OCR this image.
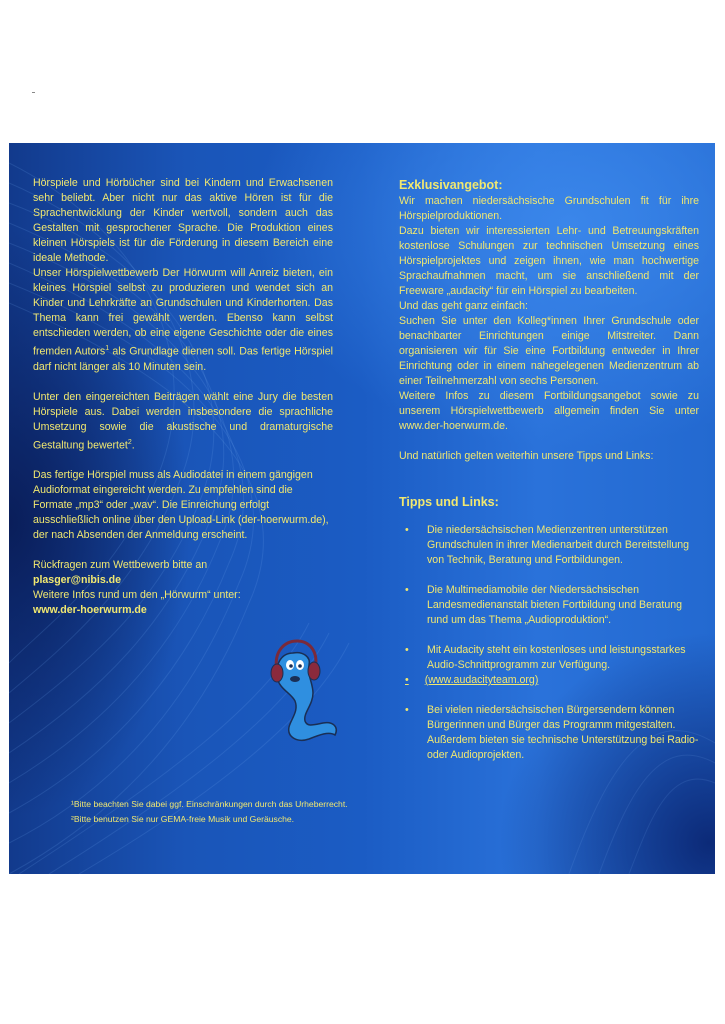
Hörspiele und Hörbücher sind bei Kindern und Erwachsenen sehr beliebt. Aber nicht nur das aktive Hören ist für die Sprachentwicklung der Kinder wertvoll, sondern auch das Gestalten mit gesprochener Sprache. Die Produktion eines kleinen Hörspiels ist für die Förderung in diesem Bereich eine ideale Methode.

Unser Hörspielwettbewerb Der Hörwurm will Anreiz bieten, ein kleines Hörspiel selbst zu produzieren und wendet sich an Kinder und Lehrkräfte an Grundschulen und Kinderhorten. Das Thema kann frei gewählt werden. Ebenso kann selbst entschieden werden, ob eine eigene Geschichte oder die eines fremden Autors$^1$ als Grundlage dienen soll. Das fertige Hörspiel darf nicht länger als 10 Minuten sein.

Unter den eingereichten Beiträgen wählt eine Jury die besten Hörspiele aus. Dabei werden insbesondere die sprachliche Umsetzung sowie die akustische und dramaturgische Gestaltung bewertet$^2$.

Das fertige Hörspiel muss als Audiodatei in einem gängigen Audioformat eingereicht werden. Zu empfehlen sind die Formate „mp3“ oder „wav“. Die Einreichung erfolgt ausschließlich online über den Upload-Link (der-hoerwurm.de), der nach Absenden der Anmeldung erscheint.

Rückfragen zum Wettbewerb bitte an

plasger@nibis.de

Weitere Infos rund um den „Hörwurm“ unter:

www.der-hoerwurm.de

¹Bitte beachten Sie dabei ggf. Einschränkungen durch das Urheberrecht.

²Bitte benutzen Sie nur GEMA-freie Musik und Geräusche.

Exklusivangebot:

Wir machen niedersächsische Grundschulen fit für ihre Hörspielproduktionen.

Dazu bieten wir interessierten Lehr- und Betreuungskräften kostenlose Schulungen zur technischen Umsetzung eines Hörspielprojektes und zeigen ihnen, wie man hochwertige Sprachaufnahmen macht, um sie anschließend mit der Freeware „audacity“ für ein Hörspiel zu bearbeiten.

Und das geht ganz einfach:

Suchen Sie unter den Kolleg*innen Ihrer Grundschule oder benachbarter Einrichtungen einige Mitstreiter. Dann organisieren wir für Sie eine Fortbildung entweder in Ihrer Einrichtung oder in einem nahegelegenen Medienzentrum ab einer Teilnehmerzahl von sechs Personen.

Weitere Infos zu diesem Fortbildungsangebot sowie zu unserem Hörspielwettbewerb allgemein finden Sie unter www.der-hoerwurm.de.

Und natürlich gelten weiterhin unsere Tipps und Links:

Tipps und Links:

• Die niedersächsischen Medienzentren unterstützen Grundschulen in ihrer Medienarbeit durch Bereitstellung von Technik, Beratung und Fortbildungen.
• Die Multimediamobile der Niedersächsischen Landesmedienanstalt bieten Fortbildung und Beratung rund um das Thema „Audioproduktion“.
• Mit Audacity steht ein kostenloses und leistungsstarkes Audio-Schnittprogramm zur Verfügung.
• (www.audacityteam.org)
• Bei vielen niedersächsischen Bürgersendern können Bürgerinnen und Bürger das Programm mitgestalten. Außerdem bieten sie technische Unterstützung bei Radio- oder Audioprojekten.
